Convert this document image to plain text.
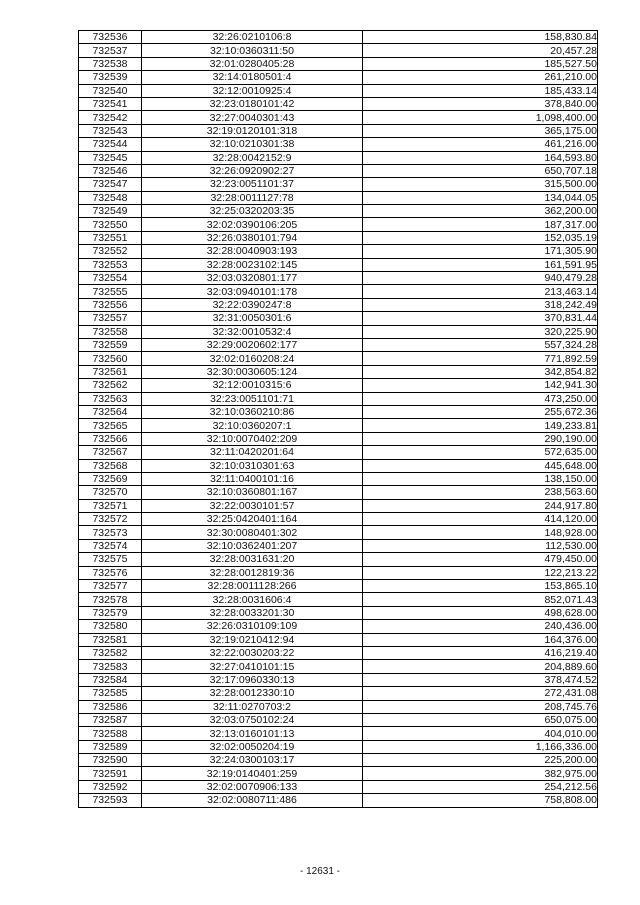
732536	32:26:0210106:8	158,830.84
732537	32:10:0360311:50	20,457.28
732538	32:01:0280405:28	185,527.50
732539	32:14:0180501:4	261,210.00
732540	32:12:0010925:4	185,433.14
732541	32:23:0180101:42	378,840.00
732542	32:27:0040301:43	1,098,400.00
732543	32:19:0120101:318	365,175.00
732544	32:10:0210301:38	461,216.00
732545	32:28:0042152:9	164,593.80
732546	32:26:0920902:27	650,707.18
732547	32:23:0051101:37	315,500.00
732548	32:28:0011127:78	134,044.05
732549	32:25:0320203:35	362,200.00
732550	32:02:0390106:205	187,317.00
732551	32:26:0380101:794	152,035.19
732552	32:28:0040903:193	171,305.90
732553	32:28:0023102:145	161,591.95
732554	32:03:0320801:177	940,479.28
732555	32:03:0940101:178	213,463.14
732556	32:22:0390247:8	318,242.49
732557	32:31:0050301:6	370,831.44
732558	32:32:0010532:4	320,225.90
732559	32:29:0020602:177	557,324.28
732560	32:02:0160208:24	771,892.59
732561	32:30:0030605:124	342,854.82
732562	32:12:0010315:6	142,941.30
732563	32:23:0051101:71	473,250.00
732564	32:10:0360210:86	255,672.36
732565	32:10:0360207:1	149,233.81
732566	32:10:0070402:209	290,190.00
732567	32:11:0420201:64	572,635.00
732568	32:10:0310301:63	445,648.00
732569	32:11:0400101:16	138,150.00
732570	32:10:0360801:167	238,563.60
732571	32:22:0030101:57	244,917.80
732572	32:25:0420401:164	414,120.00
732573	32:30:0080401:302	148,928.00
732574	32:10:0362401:207	112,530.00
732575	32:28:0031631:20	479,450.00
732576	32:28:0012819:36	122,213.22
732577	32:28:0011128:266	153,865.10
732578	32:28:0031606:4	852,071.43
732579	32:28:0033201:30	498,628.00
732580	32:26:0310109:109	240,436.00
732581	32:19:0210412:94	164,376.00
732582	32:22:0030203:22	416,219.40
732583	32:27:0410101:15	204,889.60
732584	32:17:0960330:13	378,474.52
732585	32:28:0012330:10	272,431.08
732586	32:11:0270703:2	208,745.76
732587	32:03:0750102:24	650,075.00
732588	32:13:0160101:13	404,010.00
732589	32:02:0050204:19	1,166,336.00
732590	32:24:0300103:17	225,200.00
732591	32:19:0140401:259	382,975.00
732592	32:02:0070906:133	254,212.56
732593	32:02:0080711:486	758,808.00
- 12631 -
